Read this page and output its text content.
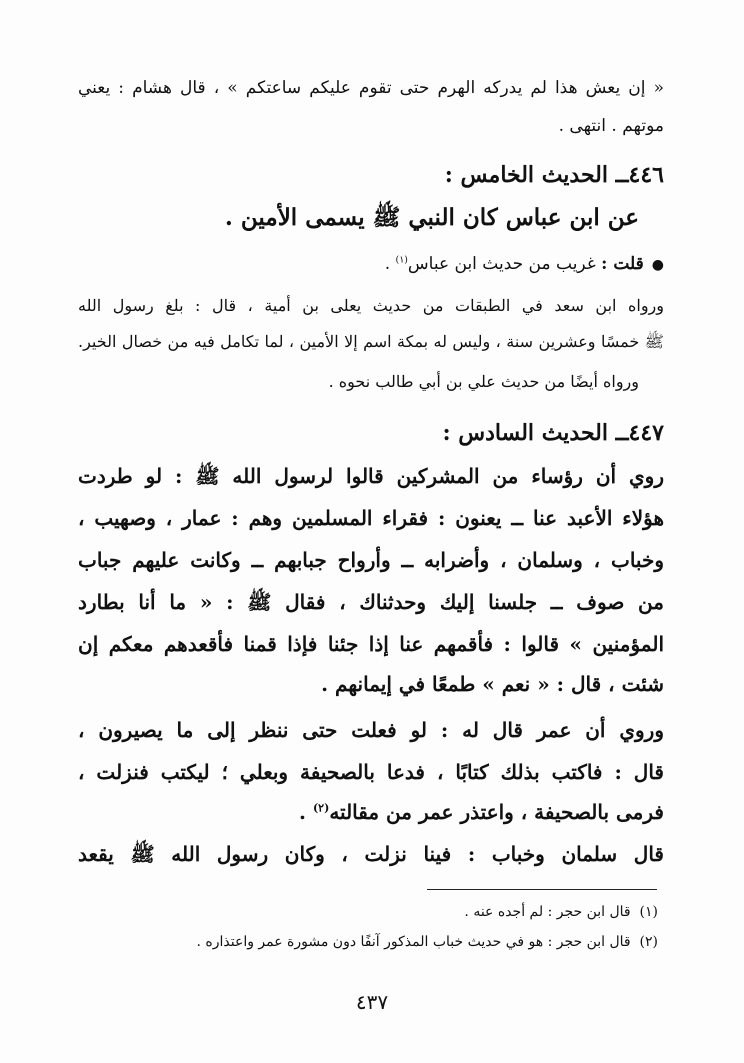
« إن يعش هذا لم يدركه الهرم حتى تقوم عليكم ساعتكم » ، قال هشام : يعني
موتهم . انتهى .
٤٤٦ــ الحديث الخامس :
عن ابن عباس كان النبي ﷺ يسمى الأمين .
●قلت : غريب من حديث ابن عباس$^{(١)}$ .
ورواه ابن سعد في الطبقات من حديث يعلى بن أمية ، قال : بلغ رسول الله
ﷺ خمسًا وعشرين سنة ، وليس له بمكة اسم إلا الأمين ، لما تكامل فيه من خصال الخير.
ورواه أيضًا من حديث علي بن أبي طالب نحوه .
٤٤٧ــ الحديث السادس :
روي أن رؤساء من المشركين قالوا لرسول الله ﷺ : لو طردت
هؤلاء الأعبد عنا ــ يعنون : فقراء المسلمين وهم : عمار ، وصهيب ،
وخباب ، وسلمان ، وأضرابه ــ وأرواح جبابهم ــ وكانت عليهم جباب
من صوف ــ جلسنا إليك وحدثناك ، فقال ﷺ : « ما أنا بطارد
المؤمنين » قالوا : فأقمهم عنا إذا جئنا فإذا قمنا فأقعدهم معكم إن
شئت ، قال : « نعم » طمعًا في إيمانهم .
وروي أن عمر قال له : لو فعلت حتى ننظر إلى ما يصيرون ،
قال : فاكتب بذلك كتابًا ، فدعا بالصحيفة وبعلي ؛ ليكتب فنزلت ،
فرمى بالصحيفة ، واعتذر عمر من مقالته$^{(٢)}$ .
قال سلمان وخباب : فينا نزلت ، وكان رسول الله ﷺ يقعد
(١)  قال ابن حجر : لم أجده عنه .
(٢)  قال ابن حجر : هو في حديث خباب المذكور آنفًا دون مشورة عمر واعتذاره .
٤٣٧
